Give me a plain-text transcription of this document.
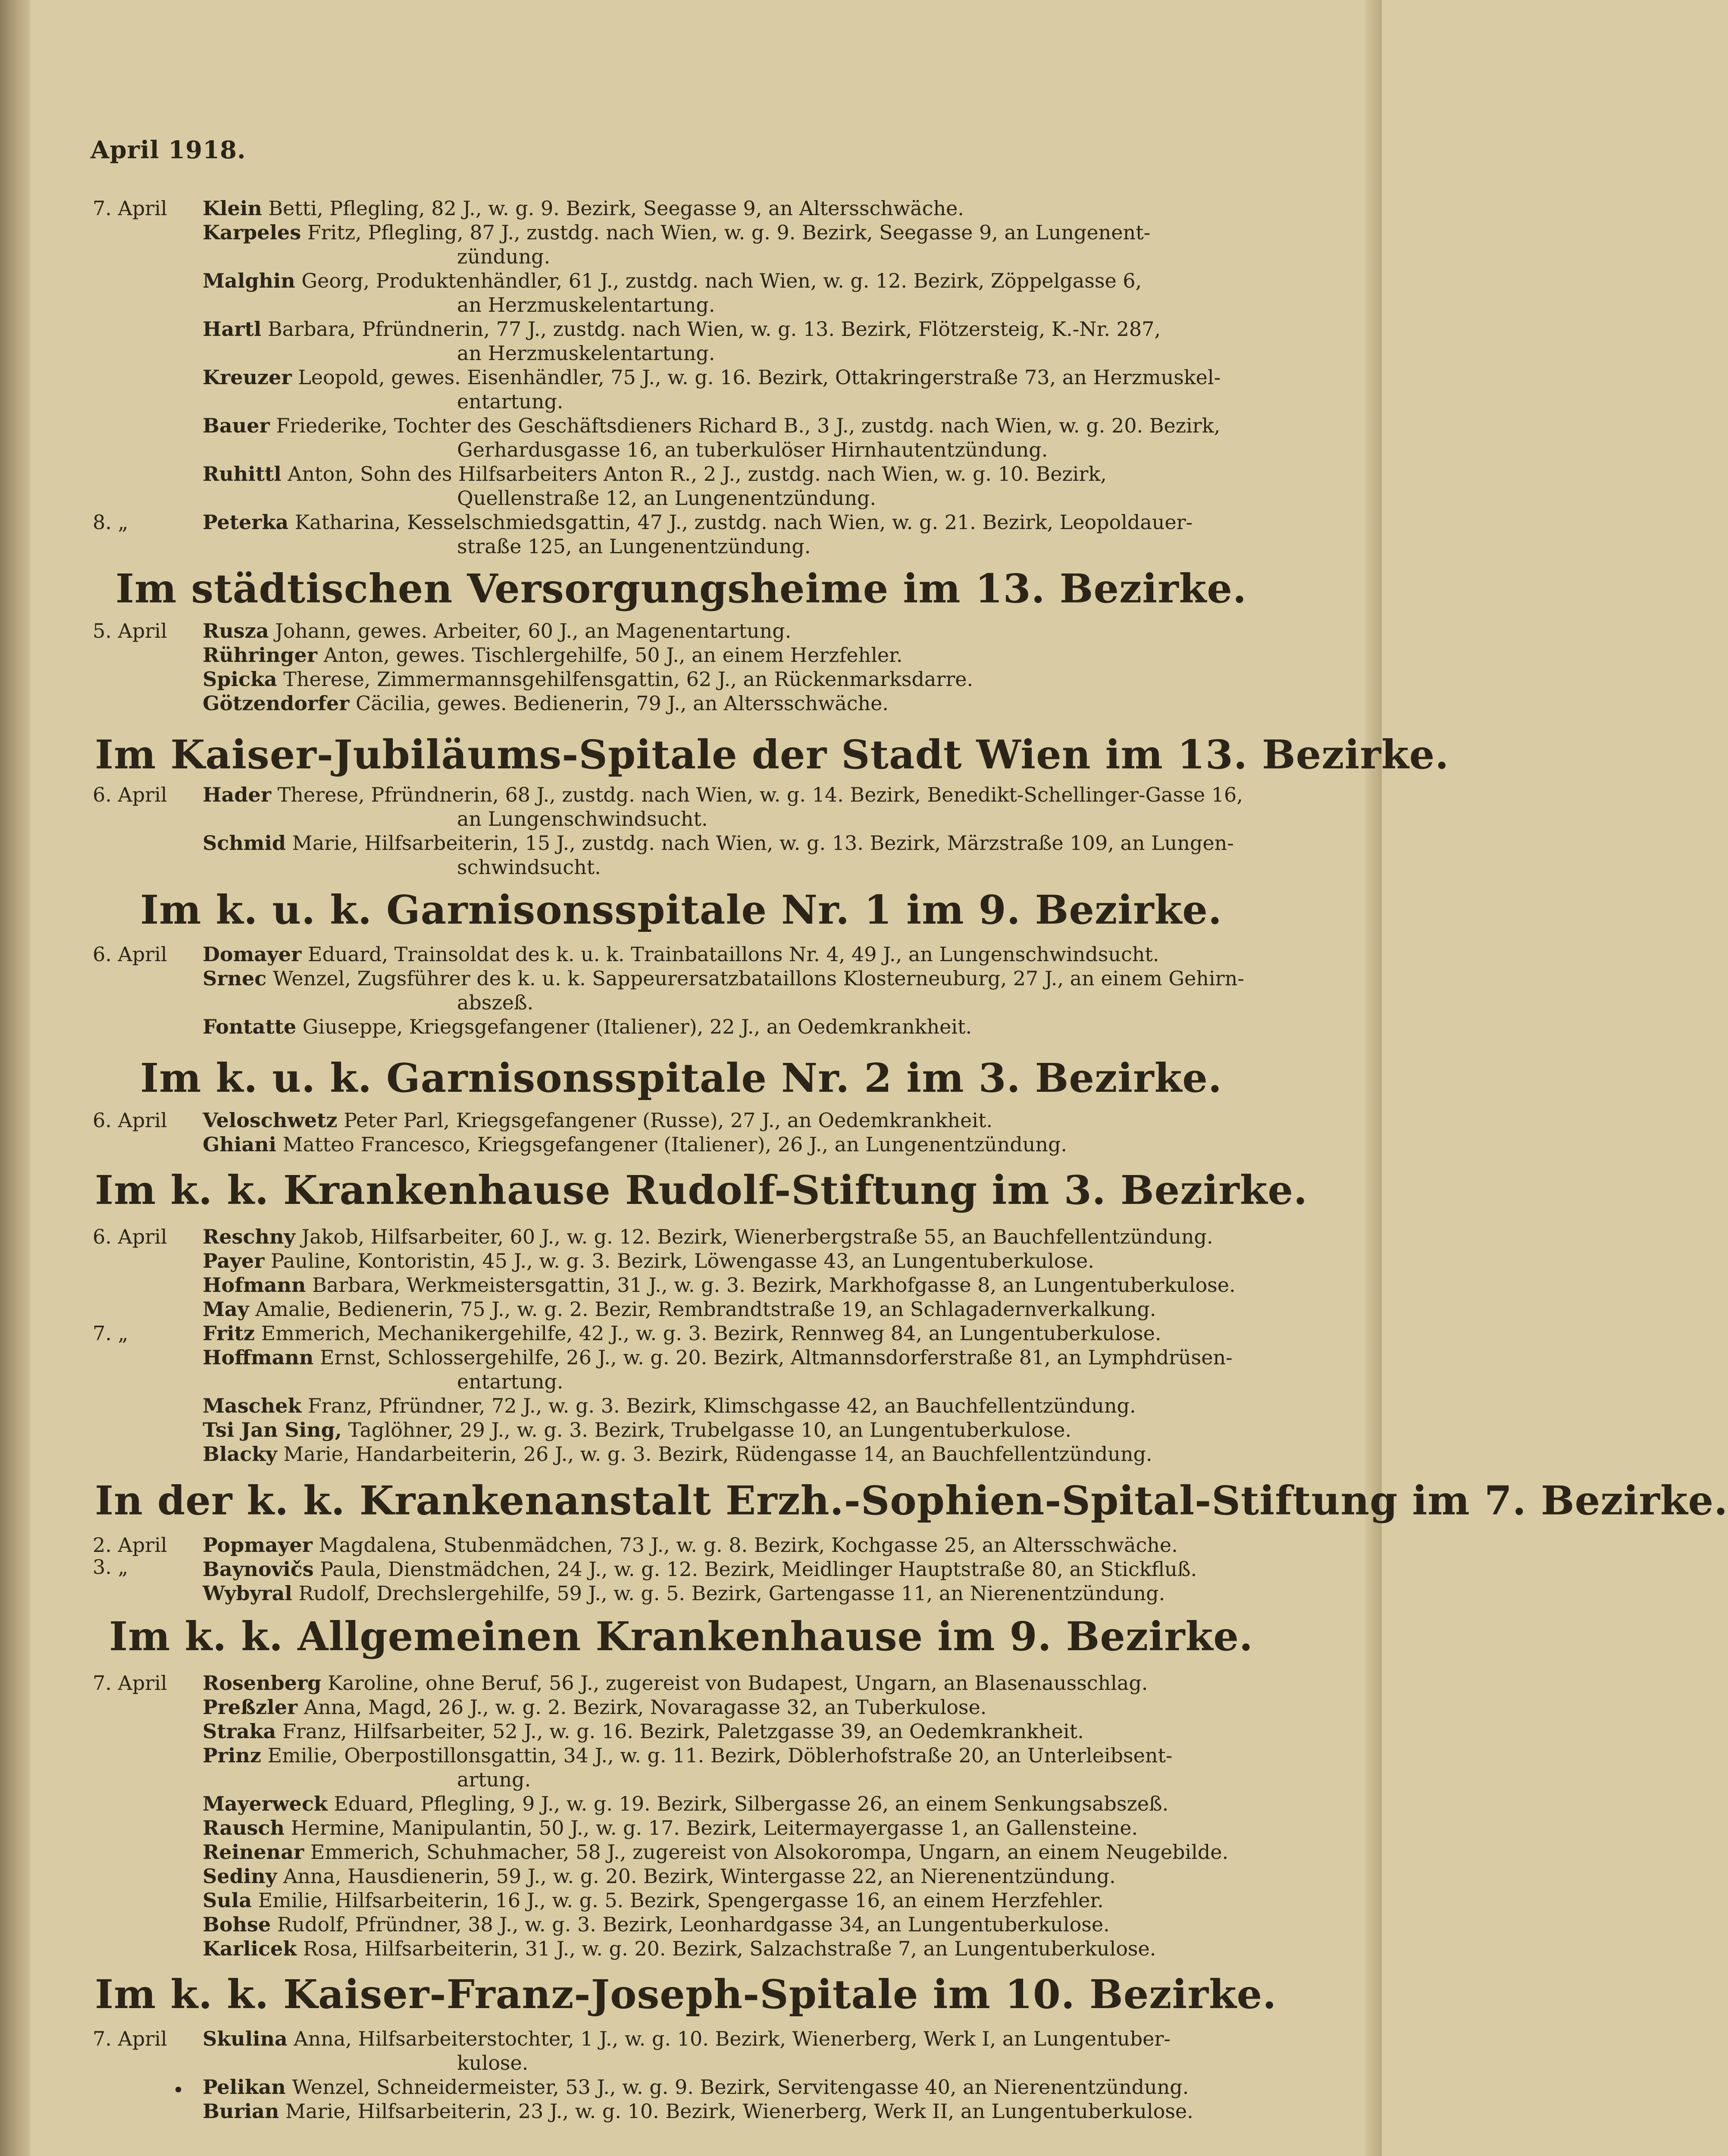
April 1918.
7. April	Klein Betti, Pflegling, 82 J., w. g. 9. Bezirk, Seegasse 9, an Altersschwäche.
Karpeles Fritz, Pflegling, 87 J., zustdg. nach Wien, w. g. 9. Bezirk, Seegasse 9, an Lungenent-
zündung.
Malghin Georg, Produktenhändler, 61 J., zustdg. nach Wien, w. g. 12. Bezirk, Zöppelgasse 6,
an Herzmuskelentartung.
Hartl Barbara, Pfründnerin, 77 J., zustdg. nach Wien, w. g. 13. Bezirk, Flötzersteig, K.-Nr. 287,
an Herzmuskelentartung.
Kreuzer Leopold, gewes. Eisenhändler, 75 J., w. g. 16. Bezirk, Ottakringerstraße 73, an Herzmuskel-
entartung.
Bauer Friederike, Tochter des Geschäftsdieners Richard B., 3 J., zustdg. nach Wien, w. g. 20. Bezirk,
Gerhardusgasse 16, an tuberkulöser Hirnhautentzündung.
Ruhittl Anton, Sohn des Hilfsarbeiters Anton R., 2 J., zustdg. nach Wien, w. g. 10. Bezirk,
Quellenstraße 12, an Lungenentzündung.
8. „	Peterka Katharina, Kesselschmiedsgattin, 47 J., zustdg. nach Wien, w. g. 21. Bezirk, Leopoldauer-
straße 125, an Lungenentzündung.
Im städtischen Versorgungsheime im 13. Bezirke.
5. April	Rusza Johann, gewes. Arbeiter, 60 J., an Magenentartung.
Rühringer Anton, gewes. Tischlergehilfe, 50 J., an einem Herzfehler.
Spicka Therese, Zimmermannsgehilfensgattin, 62 J., an Rückenmarksdarre.
Götzendorfer Cäcilia, gewes. Bedienerin, 79 J., an Altersschwäche.
Im Kaiser-Jubiläums-Spitale der Stadt Wien im 13. Bezirke.
6. April	Hader Therese, Pfründnerin, 68 J., zustdg. nach Wien, w. g. 14. Bezirk, Benedikt-Schellinger-Gasse 16,
an Lungenschwindsucht.
Schmid Marie, Hilfsarbeiterin, 15 J., zustdg. nach Wien, w. g. 13. Bezirk, Märzstraße 109, an Lungen-
schwindsucht.
Im k. u. k. Garnisonsspitale Nr. 1 im 9. Bezirke.
6. April	Domayer Eduard, Trainsoldat des k. u. k. Trainbataillons Nr. 4, 49 J., an Lungenschwindsucht.
Srnec Wenzel, Zugsführer des k. u. k. Sappeurersatzbataillons Klosterneuburg, 27 J., an einem Gehirn-
abszeß.
Fontatte Giuseppe, Kriegsgefangener (Italiener), 22 J., an Oedemkrankheit.
Im k. u. k. Garnisonsspitale Nr. 2 im 3. Bezirke.
6. April	Veloschwetz Peter Parl, Kriegsgefangener (Russe), 27 J., an Oedemkrankheit.
Ghiani Matteo Francesco, Kriegsgefangener (Italiener), 26 J., an Lungenentzündung.
Im k. k. Krankenhause Rudolf-Stiftung im 3. Bezirke.
6. April	Reschny Jakob, Hilfsarbeiter, 60 J., w. g. 12. Bezirk, Wienerbergstraße 55, an Bauchfellentzündung.
Payer Pauline, Kontoristin, 45 J., w. g. 3. Bezirk, Löwengasse 43, an Lungentuberkulose.
Hofmann Barbara, Werkmeistersgattin, 31 J., w. g. 3. Bezirk, Markhofgasse 8, an Lungentuberkulose.
May Amalie, Bedienerin, 75 J., w. g. 2. Bezir, Rembrandtstraße 19, an Schlagadernverkalkung.
7. „	Fritz Emmerich, Mechanikergehilfe, 42 J., w. g. 3. Bezirk, Rennweg 84, an Lungentuberkulose.
Hoffmann Ernst, Schlossergehilfe, 26 J., w. g. 20. Bezirk, Altmannsdorferstraße 81, an Lymphdrüsen-
entartung.
Maschek Franz, Pfründner, 72 J., w. g. 3. Bezirk, Klimschgasse 42, an Bauchfellentzündung.
Tsi Jan Sing, Taglöhner, 29 J., w. g. 3. Bezirk, Trubelgasse 10, an Lungentuberkulose.
Blacky Marie, Handarbeiterin, 26 J., w. g. 3. Bezirk, Rüdengasse 14, an Bauchfellentzündung.
In der k. k. Krankenanstalt Erzh.-Sophien-Spital-Stiftung im 7. Bezirke.
2. April	Popmayer Magdalena, Stubenmädchen, 73 J., w. g. 8. Bezirk, Kochgasse 25, an Altersschwäche.
3. „	Baynovičs Paula, Dienstmädchen, 24 J., w. g. 12. Bezirk, Meidlinger Hauptstraße 80, an Stickfluß.
Wybyral Rudolf, Drechslergehilfe, 59 J., w. g. 5. Bezirk, Gartengasse 11, an Nierenentzündung.
Im k. k. Allgemeinen Krankenhause im 9. Bezirke.
7. April	Rosenberg Karoline, ohne Beruf, 56 J., zugereist von Budapest, Ungarn, an Blasenausschlag.
Preßzler Anna, Magd, 26 J., w. g. 2. Bezirk, Novaragasse 32, an Tuberkulose.
Straka Franz, Hilfsarbeiter, 52 J., w. g. 16. Bezirk, Paletzgasse 39, an Oedemkrankheit.
Prinz Emilie, Oberpostillonsgattin, 34 J., w. g. 11. Bezirk, Döblerhofstraße 20, an Unterleibsent-
artung.
Mayerweck Eduard, Pflegling, 9 J., w. g. 19. Bezirk, Silbergasse 26, an einem Senkungsabszeß.
Rausch Hermine, Manipulantin, 50 J., w. g. 17. Bezirk, Leitermayergasse 1, an Gallensteine.
Reinenar Emmerich, Schuhmacher, 58 J., zugereist von Alsokorompa, Ungarn, an einem Neugebilde.
Sediny Anna, Hausdienerin, 59 J., w. g. 20. Bezirk, Wintergasse 22, an Nierenentzündung.
Sula Emilie, Hilfsarbeiterin, 16 J., w. g. 5. Bezirk, Spengergasse 16, an einem Herzfehler.
Bohse Rudolf, Pfründner, 38 J., w. g. 3. Bezirk, Leonhardgasse 34, an Lungentuberkulose.
Karlicek Rosa, Hilfsarbeiterin, 31 J., w. g. 20. Bezirk, Salzachstraße 7, an Lungentuberkulose.
Im k. k. Kaiser-Franz-Joseph-Spitale im 10. Bezirke.
7. April	Skulina Anna, Hilfsarbeiterstochter, 1 J., w. g. 10. Bezirk, Wienerberg, Werk I, an Lungentuber-
kulose.
• Pelikan Wenzel, Schneidermeister, 53 J., w. g. 9. Bezirk, Servitengasse 40, an Nierenentzündung.
Burian Marie, Hilfsarbeiterin, 23 J., w. g. 10. Bezirk, Wienerberg, Werk II, an Lungentuberkulose.
